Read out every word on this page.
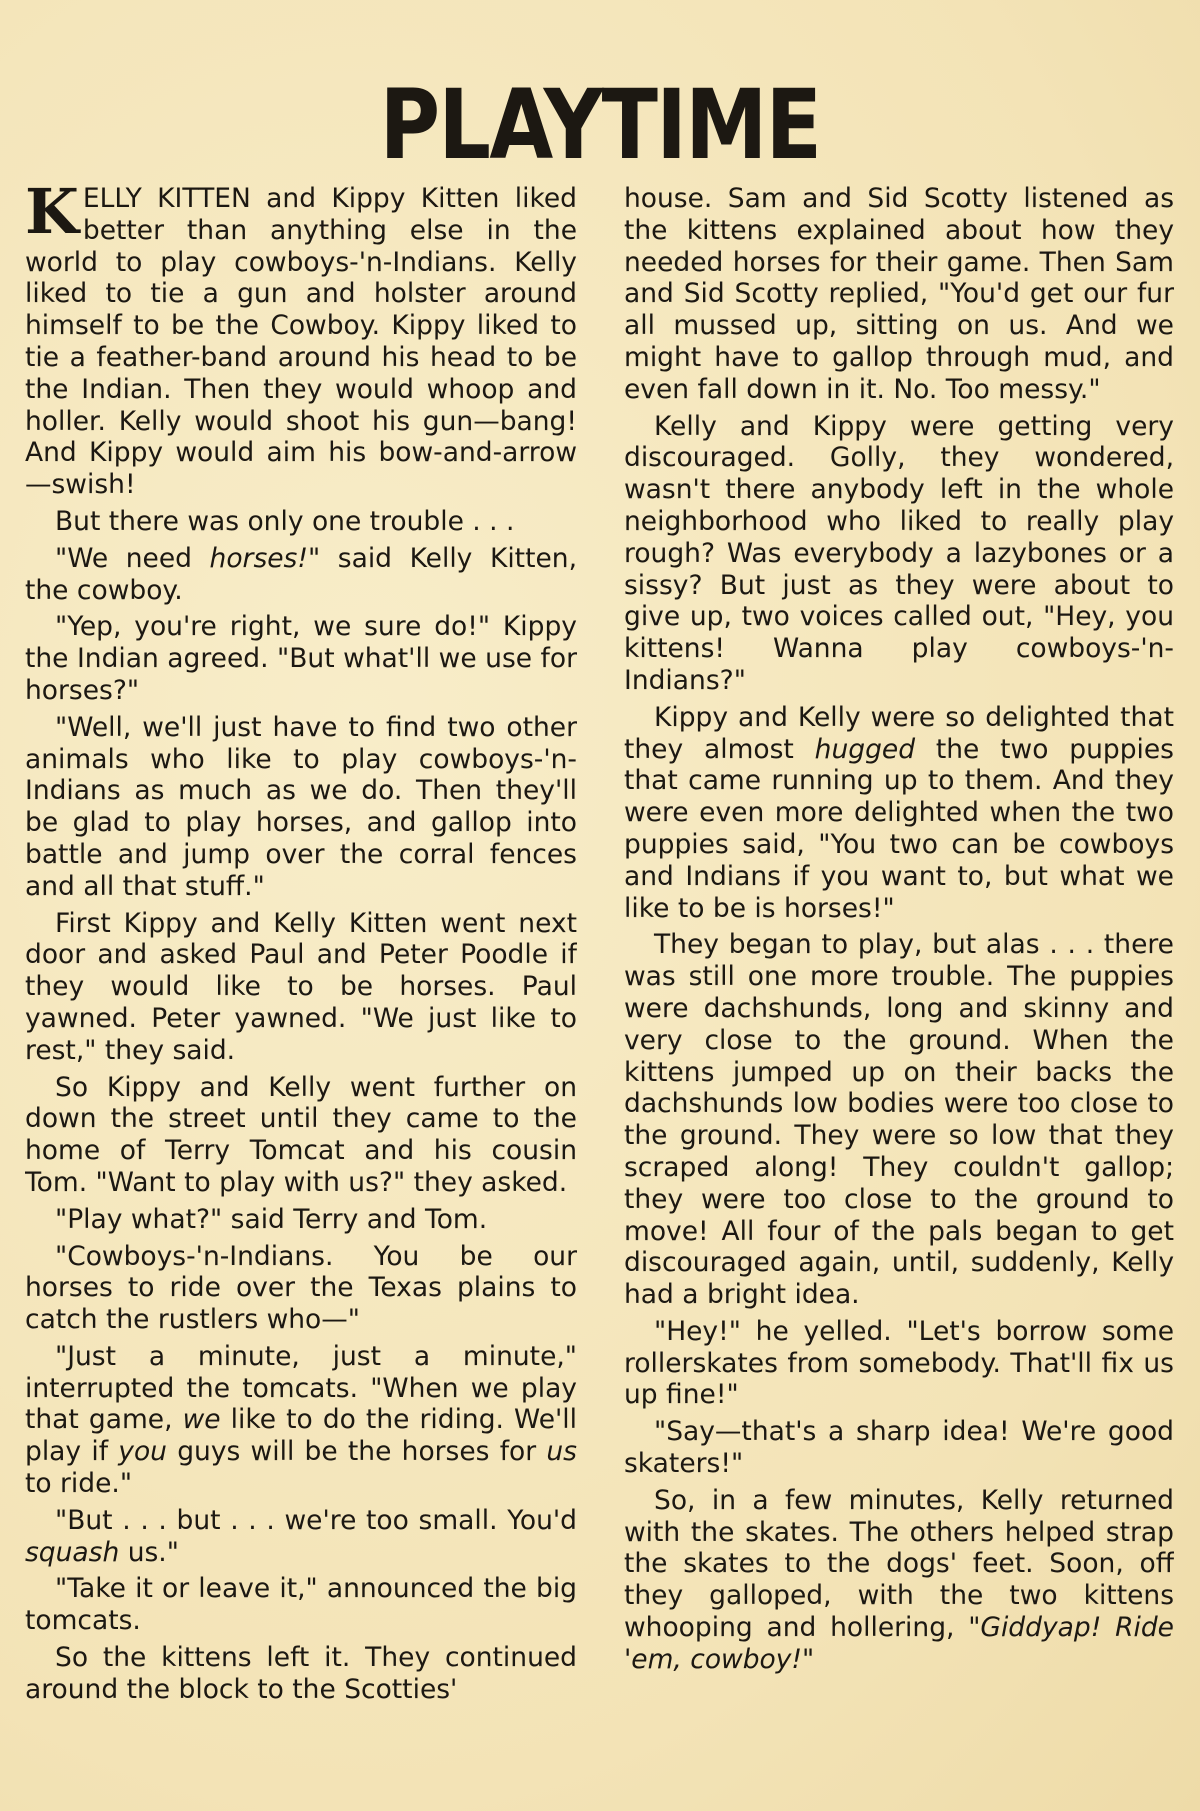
PLAYTIME

KELLY KITTEN and Kippy Kitten liked better than anything else in the world to play cowboys-'n-Indians. Kelly liked to tie a gun and holster around himself to be the Cowboy. Kippy liked to tie a feather-band around his head to be the Indian. Then they would whoop and holler. Kelly would shoot his gun—bang! And Kippy would aim his bow-and-arrow—swish!

But there was only one trouble . . .

"We need horses!" said Kelly Kitten, the cowboy.

"Yep, you're right, we sure do!" Kippy the Indian agreed. "But what'll we use for horses?"

"Well, we'll just have to find two other animals who like to play cowboys-'n-Indians as much as we do. Then they'll be glad to play horses, and gallop into battle and jump over the corral fences and all that stuff."

First Kippy and Kelly Kitten went next door and asked Paul and Peter Poodle if they would like to be horses. Paul yawned. Peter yawned. "We just like to rest," they said.

So Kippy and Kelly went further on down the street until they came to the home of Terry Tomcat and his cousin Tom. "Want to play with us?" they asked.

"Play what?" said Terry and Tom.

"Cowboys-'n-Indians. You be our horses to ride over the Texas plains to catch the rustlers who—"

"Just a minute, just a minute," interrupted the tomcats. "When we play that game, we like to do the riding. We'll play if you guys will be the horses for us to ride."

"But . . . but . . . we're too small. You'd squash us."

"Take it or leave it," announced the big tomcats.

So the kittens left it. They continued around the block to the Scotties'

house. Sam and Sid Scotty listened as the kittens explained about how they needed horses for their game. Then Sam and Sid Scotty replied, "You'd get our fur all mussed up, sitting on us. And we might have to gallop through mud, and even fall down in it. No. Too messy."

Kelly and Kippy were getting very discouraged. Golly, they wondered, wasn't there anybody left in the whole neighborhood who liked to really play rough? Was everybody a lazybones or a sissy? But just as they were about to give up, two voices called out, "Hey, you kittens! Wanna play cowboys-'n-Indians?"

Kippy and Kelly were so delighted that they almost hugged the two puppies that came running up to them. And they were even more delighted when the two puppies said, "You two can be cowboys and Indians if you want to, but what we like to be is horses!"

They began to play, but alas . . . there was still one more trouble. The puppies were dachshunds, long and skinny and very close to the ground. When the kittens jumped up on their backs the dachshunds low bodies were too close to the ground. They were so low that they scraped along! They couldn't gallop; they were too close to the ground to move! All four of the pals began to get discouraged again, until, suddenly, Kelly had a bright idea.

"Hey!" he yelled. "Let's borrow some rollerskates from somebody. That'll fix us up fine!"

"Say—that's a sharp idea! We're good skaters!"

So, in a few minutes, Kelly returned with the skates. The others helped strap the skates to the dogs' feet. Soon, off they galloped, with the two kittens whooping and hollering, "Giddyap! Ride 'em, cowboy!"
